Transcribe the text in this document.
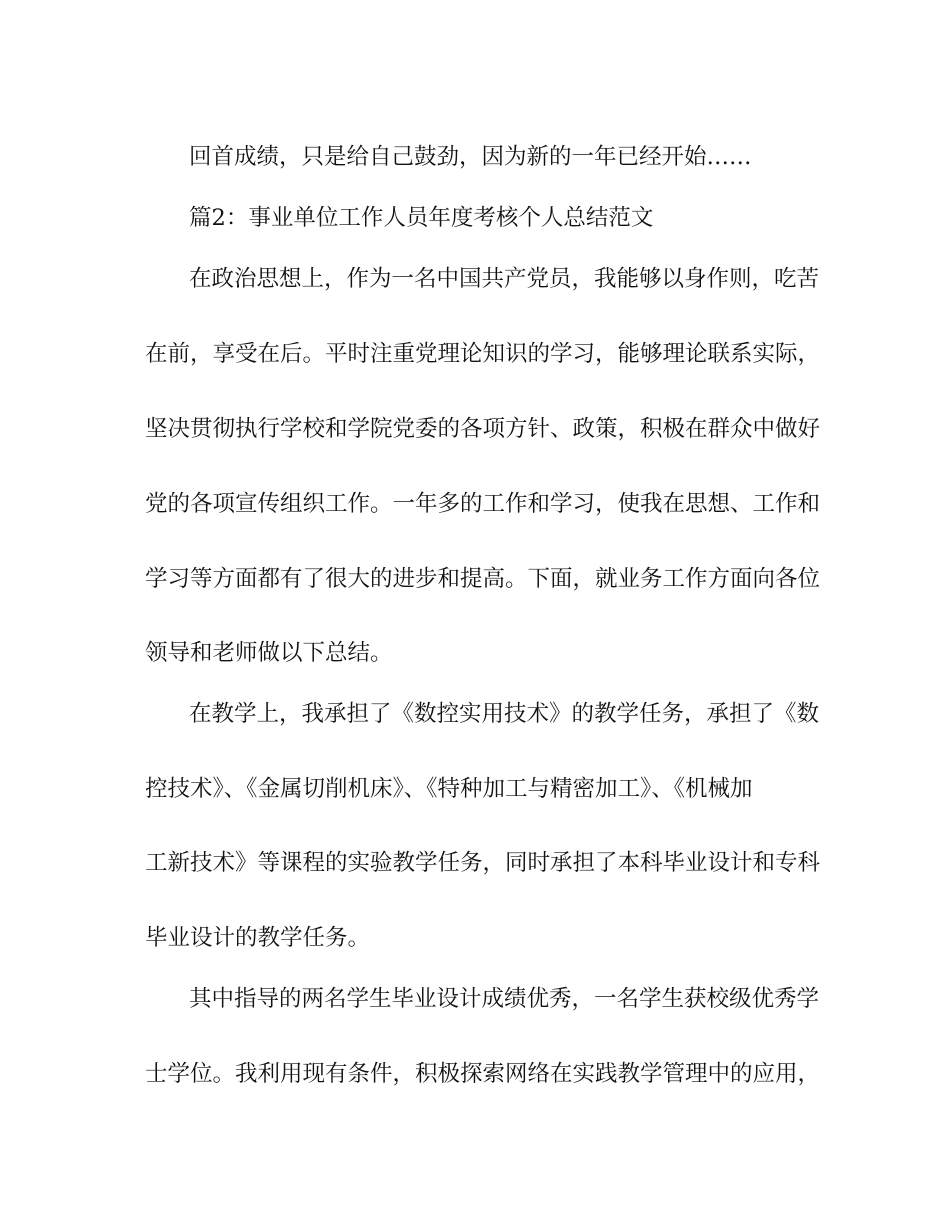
回首成绩，只是给自己鼓劲，因为新的一年已经开始……
篇2：事业单位工作人员年度考核个人总结范文
在政治思想上，作为一名中国共产党员，我能够以身作则，吃苦
在前，享受在后。平时注重党理论知识的学习，能够理论联系实际，
坚决贯彻执行学校和学院党委的各项方针、政策，积极在群众中做好
党的各项宣传组织工作。一年多的工作和学习，使我在思想、工作和
学习等方面都有了很大的进步和提高。下面，就业务工作方面向各位
领导和老师做以下总结。
在教学上，我承担了《数控实用技术》的教学任务，承担了《数
控技术》、《金属切削机床》、《特种加工与精密加工》、《机械加
工新技术》等课程的实验教学任务，同时承担了本科毕业设计和专科
毕业设计的教学任务。
其中指导的两名学生毕业设计成绩优秀，一名学生获校级优秀学
士学位。我利用现有条件，积极探索网络在实践教学管理中的应用，
